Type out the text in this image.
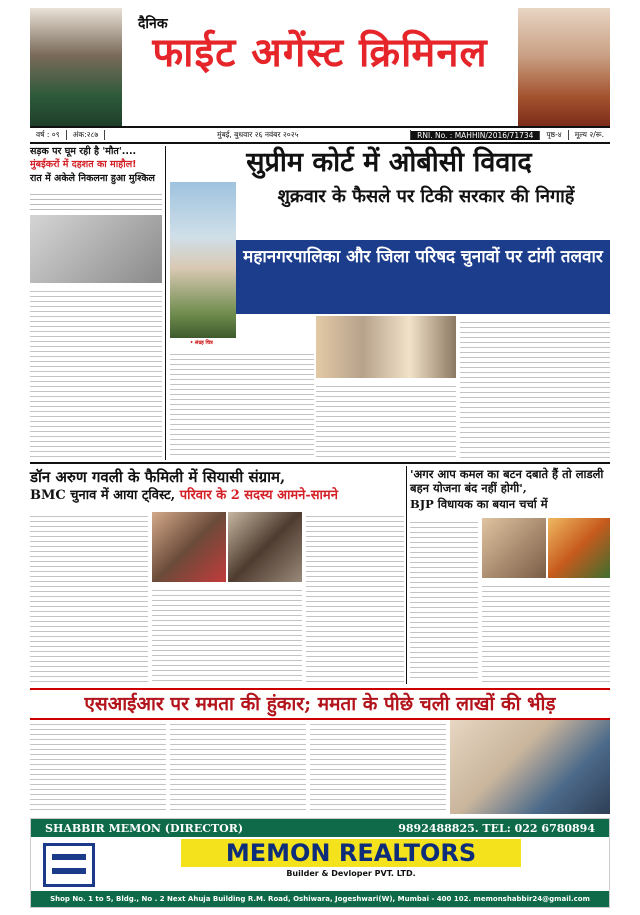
दैनिक
फाईट अगेंस्ट क्रिमिनल
वर्ष : ०९	अंक:२८७	मुंबई, बुधवार २६ नवंबर २०२५	RNI. No. : MAHHIN/2016/71734	पृष्ठ-४	मूल्य २/रू.
सड़क पर घूम रही है 'मौत'....
मुंबईकरों में दहशत का माहौल!
रात में अकेले निकलना हुआ मुश्किल
सुप्रीम कोर्ट में ओबीसी विवाद
शुक्रवार के फैसले पर टिकी सरकार की निगाहें
• संग्रह चित्र
महानगरपालिका और जिला परिषद चुनावों पर टांगी तलवार
डॉन अरुण गवली के फैमिली में सियासी संग्राम,
BMC चुनाव में आया ट्विस्ट, परिवार के 2 सदस्य आमने-सामने
'अगर आप कमल का बटन दबाते हैं तो लाडली बहन योजना बंद नहीं होगी',
BJP विधायक का बयान चर्चा में
एसआईआर पर ममता की हुंकार; ममता के पीछे चली लाखों की भीड़
SHABBIR MEMON (DIRECTOR)	9892488825. TEL: 022 6780894
MEMON REALTORS
Builder & Devloper PVT. LTD.
Shop No. 1 to 5, Bldg., No . 2 Next Ahuja Building R.M. Road, Oshiwara, Jogeshwari(W), Mumbai - 400 102. memonshabbir24@gmail.com
